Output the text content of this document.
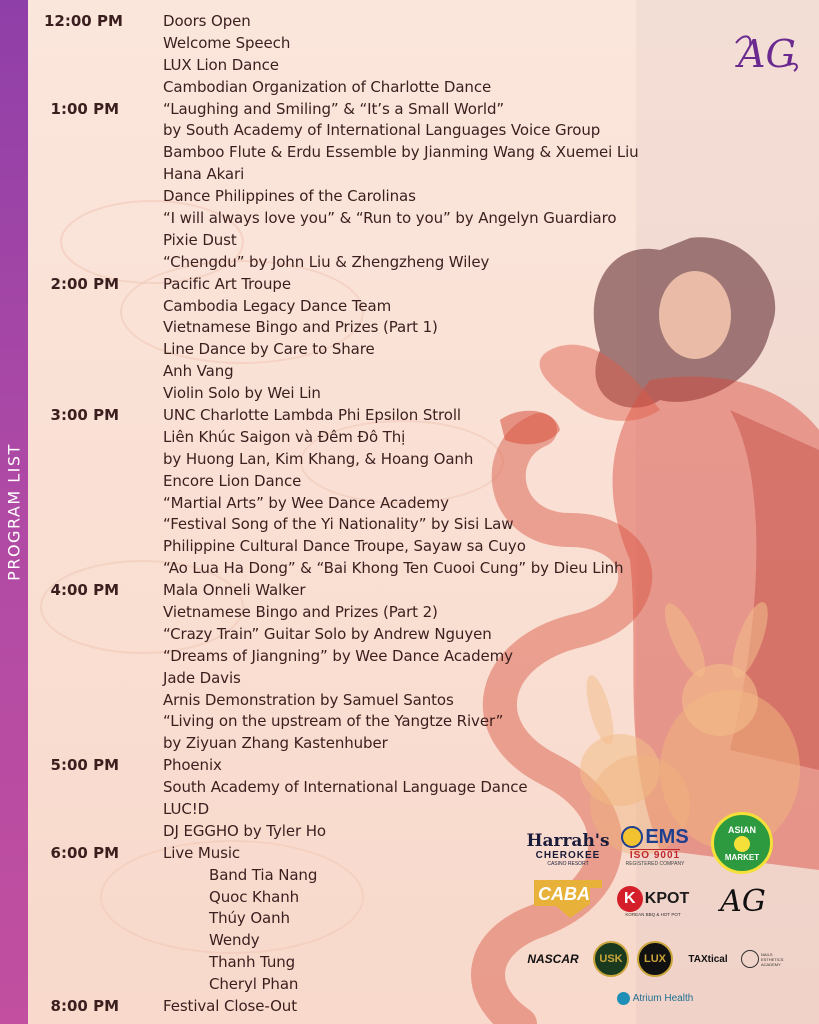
PROGRAM LIST
AG
12:00 PM	Doors Open
Welcome Speech
LUX Lion Dance
Cambodian Organization of Charlotte Dance
1:00 PM	“Laughing and Smiling” & “It’s a Small World”
by South Academy of International Languages Voice Group
Bamboo Flute & Erdu Essemble by Jianming Wang & Xuemei Liu
Hana Akari
Dance Philippines of the Carolinas
“I will always love you” & “Run to you” by Angelyn Guardiaro
Pixie Dust
“Chengdu” by John Liu & Zhengzheng Wiley
2:00 PM	Pacific Art Troupe
Cambodia Legacy Dance Team
Vietnamese Bingo and Prizes (Part 1)
Line Dance by Care to Share
Anh Vang
Violin Solo by Wei Lin
3:00 PM	UNC Charlotte Lambda Phi Epsilon Stroll
Liên Khúc Saigon và Đêm Đô Thị
by Huong Lan, Kim Khang, & Hoang Oanh
Encore Lion Dance
“Martial Arts” by Wee Dance Academy
“Festival Song of the Yi Nationality” by Sisi Law
Philippine Cultural Dance Troupe, Sayaw sa Cuyo
“Ao Lua Ha Dong” & “Bai Khong Ten Cuooi Cung” by Dieu Linh
4:00 PM	Mala Onneli Walker
Vietnamese Bingo and Prizes (Part 2)
“Crazy Train” Guitar Solo by Andrew Nguyen
“Dreams of Jiangning” by Wee Dance Academy
Jade Davis
Arnis Demonstration by Samuel Santos
“Living on the upstream of the Yangtze River”
by Ziyuan Zhang Kastenhuber
5:00 PM	Phoenix
South Academy of International Language Dance
LUC!D
DJ EGGHO by Tyler Ho
6:00 PM	Live Music
Band Tia Nang
Quoc Khanh
Thúy Oanh
Wendy
Thanh Tung
Cheryl Phan
8:00 PM	Festival Close-Out
Harrah's
CHEROKEE
CASINO RESORT
EMS
ISO 9001
REGISTERED COMPANY
ASIAN
MARKET
CABA	K KPOT
KOREAN BBQ & HOT POT AG
NASCAR USK LUX TAXtical	NAILS ESTHETICS ACADEMY
Atrium Health
